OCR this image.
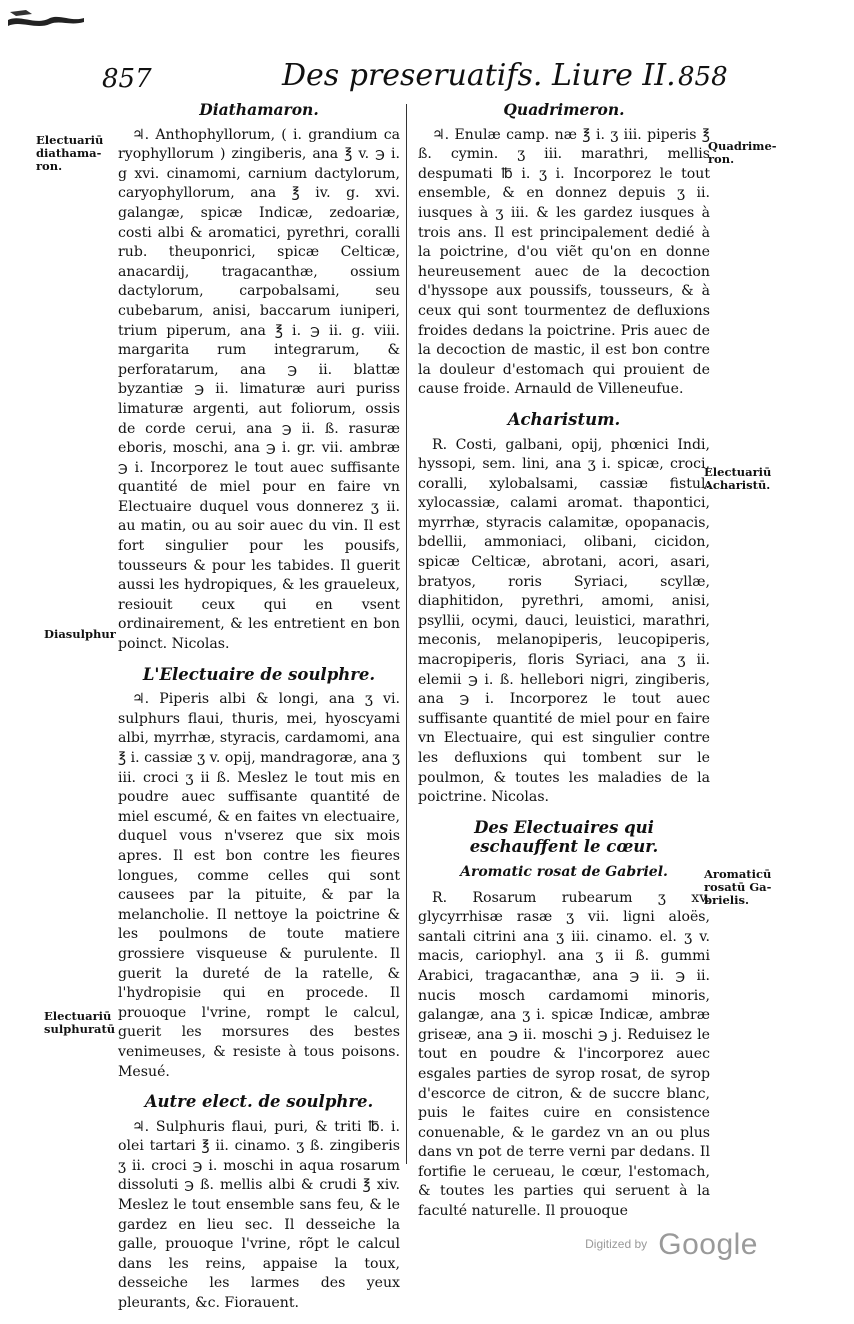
857	Des preseruatifs. Liure II. 858
Electuariū
diathama-
ron.
Diasulphur
Electuariū
sulphuratū
Quadrime-
ron.
Electuariū
Acharistū.
Aromaticū
rosatū Ga-
brielis.
Diathamaron.

♃. Anthophyllorum, ( i. grandium ca ryophyllorum ) zingiberis, ana ℥ v. ℈ i. g xvi. cinamomi, carnium dactylorum, caryophyllorum, ana ℥ iv. g. xvi. galangæ, spicæ Indicæ, zedoariæ, costi albi & aromatici, pyrethri, coralli rub. theuponrici, spicæ Celticæ, anacardij, tragacanthæ, ossium dactylorum, carpobalsami, seu cubebarum, anisi, baccarum iuniperi, trium piperum, ana ℥ i. ℈ ii. g. viii. margarita rum integrarum, & perforatarum, ana ℈ ii. blattæ byzantiæ ℈ ii. limaturæ auri puriss limaturæ argenti, aut foliorum, ossis de corde cerui, ana ℈ ii. ß. rasuræ eboris, moschi, ana ℈ i. gr. vii. ambræ ℈ i. Incorporez le tout auec suffisante quantité de miel pour en faire vn Electuaire duquel vous donnerez ʒ ii. au matin, ou au soir auec du vin. Il est fort singulier pour les pousifs, tousseurs & pour les tabides. Il guerit aussi les hydropiques, & les graueleux, resiouit ceux qui en vsent ordinairement, & les entretient en bon poinct. Nicolas.

L'Electuaire de soulphre.

♃. Piperis albi & longi, ana ʒ vi. sulphurs flaui, thuris, mei, hyoscyami albi, myrrhæ, styracis, cardamomi, ana ℥ i. cassiæ ʒ v. opij, mandragoræ, ana ʒ iii. croci ʒ ii ß. Meslez le tout mis en poudre auec suffisante quantité de miel escumé, & en faites vn electuaire, duquel vous n'vserez que six mois apres. Il est bon contre les fieures longues, comme celles qui sont causees par la pituite, & par la melancholie. Il nettoye la poictrine & les poulmons de toute matiere grossiere visqueuse & purulente. Il guerit la dureté de la ratelle, & l'hydropisie qui en procede. Il prouoque l'vrine, rompt le calcul, guerit les morsures des bestes venimeuses, & resiste à tous poisons. Mesué.

Autre elect. de soulphre.

♃. Sulphuris flaui, puri, & triti ℔. i. olei tartari ℥ ii. cinamo. ʒ ß. zingiberis ʒ ii. croci ℈ i. moschi in aqua rosarum dissoluti ℈ ß. mellis albi & crudi ℥ xiv. Meslez le tout ensemble sans feu, & le gardez en lieu sec. Il desseiche la galle, prouoque l'vrine, rõpt le calcul dans les reins, appaise la toux, desseiche les larmes des yeux pleurants, &c. Fiorauent.

Quadrimeron.

♃. Enulæ camp. næ ℥ i. ʒ iii. piperis ℥ ß. cymin. ʒ iii. marathri, mellis despumati ℔ i. ʒ i. Incorporez le tout ensemble, & en donnez depuis ʒ ii. iusques à ʒ iii. & les gardez iusques à trois ans. Il est principalement dedié à la poictrine, d'ou viẽt qu'on en donne heureusement auec de la decoction d'hyssope aux poussifs, tousseurs, & à ceux qui sont tourmentez de defluxions froides dedans la poictrine. Pris auec de la decoction de mastic, il est bon contre la douleur d'estomach qui prouient de cause froide. Arnauld de Villeneufue.

Acharistum.

R. Costi, galbani, opij, phœnici Indi, hyssopi, sem. lini, ana ʒ i. spicæ, croci, coralli, xylobalsami, cassiæ fistul. xylocassiæ, calami aromat. thapontici, myrrhæ, styracis calamitæ, opopanacis, bdellii, ammoniaci, olibani, cicidon, spicæ Celticæ, abrotani, acori, asari, bratyos, roris Syriaci, scyllæ, diaphitidon, pyrethri, amomi, anisi, psyllii, ocymi, dauci, leuistici, marathri, meconis, melanopiperis, leucopiperis, macropiperis, floris Syriaci, ana ʒ ii. elemii ℈ i. ß. hellebori nigri, zingiberis, ana ℈ i. Incorporez le tout auec suffisante quantité de miel pour en faire vn Electuaire, qui est singulier contre les defluxions qui tombent sur le poulmon, & toutes les maladies de la poictrine. Nicolas.

Des Electuaires qui eschauffent le cœur.
Aromatic rosat de Gabriel.

R. Rosarum rubearum ʒ xv. glycyrrhisæ rasæ ʒ vii. ligni aloës, santali citrini ana ʒ iii. cinamo. el. ʒ v. macis, cariophyl. ana ʒ ii ß. gummi Arabici, tragacanthæ, ana ℈ ii. ℈ ii. nucis mosch cardamomi minoris, galangæ, ana ʒ i. spicæ Indicæ, ambræ griseæ, ana ℈ ii. moschi ℈ j. Reduisez le tout en poudre & l'incorporez auec esgales parties de syrop rosat, de syrop d'escorce de citron, & de succre blanc, puis le faites cuire en consistence conuenable, & le gardez vn an ou plus dans vn pot de terre verni par dedans. Il fortifie le cerueau, le cœur, l'estomach, & toutes les parties qui seruent à la faculté naturelle. Il prouoque

$^{Digitized by}$ Google
